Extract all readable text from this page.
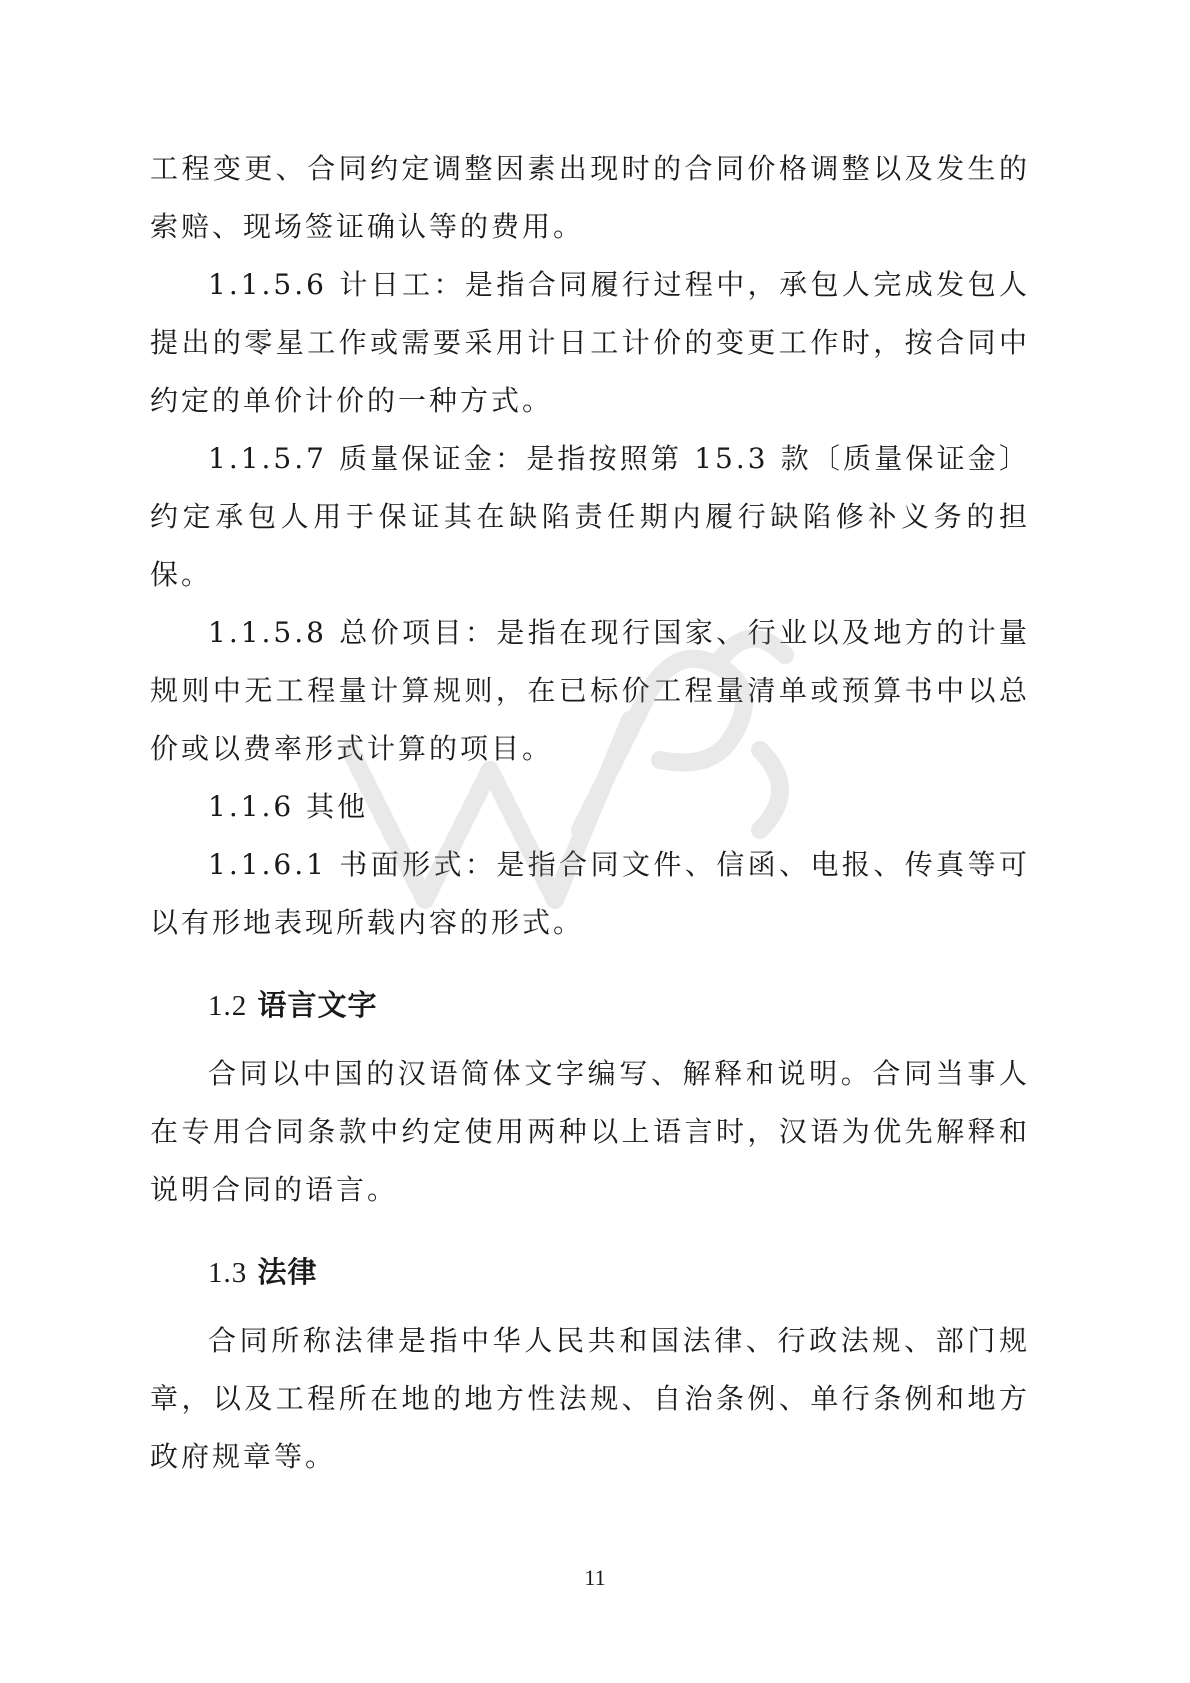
工程变更、合同约定调整因素出现时的合同价格调整以及发生的索赔、现场签证确认等的费用。

1.1.5.6 计日工：是指合同履行过程中，承包人完成发包人提出的零星工作或需要采用计日工计价的变更工作时，按合同中约定的单价计价的一种方式。

1.1.5.7 质量保证金：是指按照第 15.3 款〔质量保证金〕约定承包人用于保证其在缺陷责任期内履行缺陷修补义务的担保。

1.1.5.8 总价项目：是指在现行国家、行业以及地方的计量规则中无工程量计算规则，在已标价工程量清单或预算书中以总价或以费率形式计算的项目。

1.1.6 其他

1.1.6.1 书面形式：是指合同文件、信函、电报、传真等可以有形地表现所载内容的形式。

1.2 语言文字

合同以中国的汉语简体文字编写、解释和说明。合同当事人在专用合同条款中约定使用两种以上语言时，汉语为优先解释和说明合同的语言。

1.3 法律

合同所称法律是指中华人民共和国法律、行政法规、部门规章，以及工程所在地的地方性法规、自治条例、单行条例和地方政府规章等。

11
